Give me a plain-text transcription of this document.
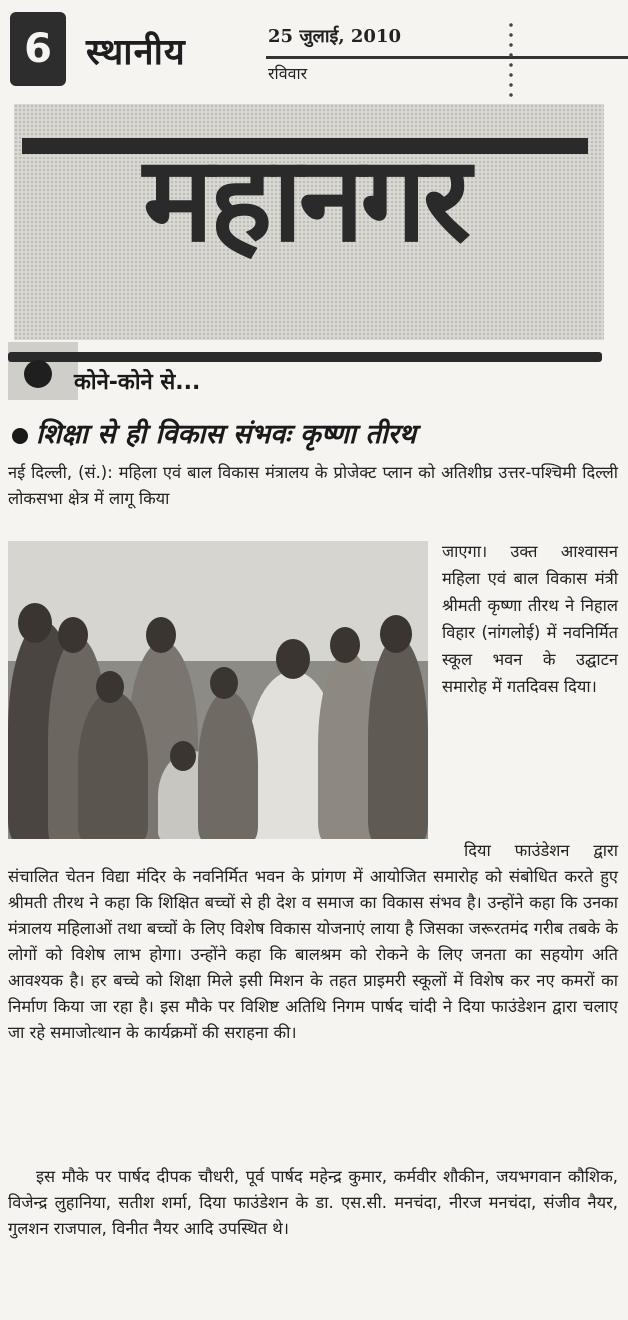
6 स्थानीय	25 जुलाई, 2010
रविवार
महानगर
कोने-कोने से...
शिक्षा से ही विकास संभवः कृष्णा तीरथ
नई दिल्ली, (सं.): महिला एवं बाल विकास मंत्रालय के प्रोजेक्ट प्लान को अतिशीघ्र उत्तर-पश्चिमी दिल्ली लोकसभा क्षेत्र में लागू किया
जाएगा। उक्त आश्वासन महिला एवं बाल विकास मंत्री श्रीमती कृष्णा तीरथ ने निहाल विहार (नांगलोई) में नवनिर्मित स्कूल भवन के उद्घाटन समारोह में गतदिवस दिया।
दिया फाउंडेशन द्वारा संचालित चेतन विद्या मंदिर के नवनिर्मित भवन के प्रांगण में आयोजित समारोह को संबोधित करते हुए श्रीमती तीरथ ने कहा कि शिक्षित बच्चों से ही देश व समाज का विकास संभव है। उन्होंने कहा कि उनका मंत्रालय महिलाओं तथा बच्चों के लिए विशेष विकास योजनाएं लाया है जिसका जरूरतमंद गरीब तबके के लोगों को विशेष लाभ होगा। उन्होंने कहा कि बालश्रम को रोकने के लिए जनता का सहयोग अति आवश्यक है। हर बच्चे को शिक्षा मिले इसी मिशन के तहत प्राइमरी स्कूलों में विशेष कर नए कमरों का निर्माण किया जा रहा है। इस मौके पर विशिष्ट अतिथि निगम पार्षद चांदी ने दिया फाउंडेशन द्वारा चलाए जा रहे समाजोत्थान के कार्यक्रमों की सराहना की।
इस मौके पर पार्षद दीपक चौधरी, पूर्व पार्षद महेन्द्र कुमार, कर्मवीर शौकीन, जयभगवान कौशिक, विजेन्द्र लुहानिया, सतीश शर्मा, दिया फाउंडेशन के डा. एस.सी. मनचंदा, नीरज मनचंदा, संजीव नैयर, गुलशन राजपाल, विनीत नैयर आदि उपस्थित थे।
